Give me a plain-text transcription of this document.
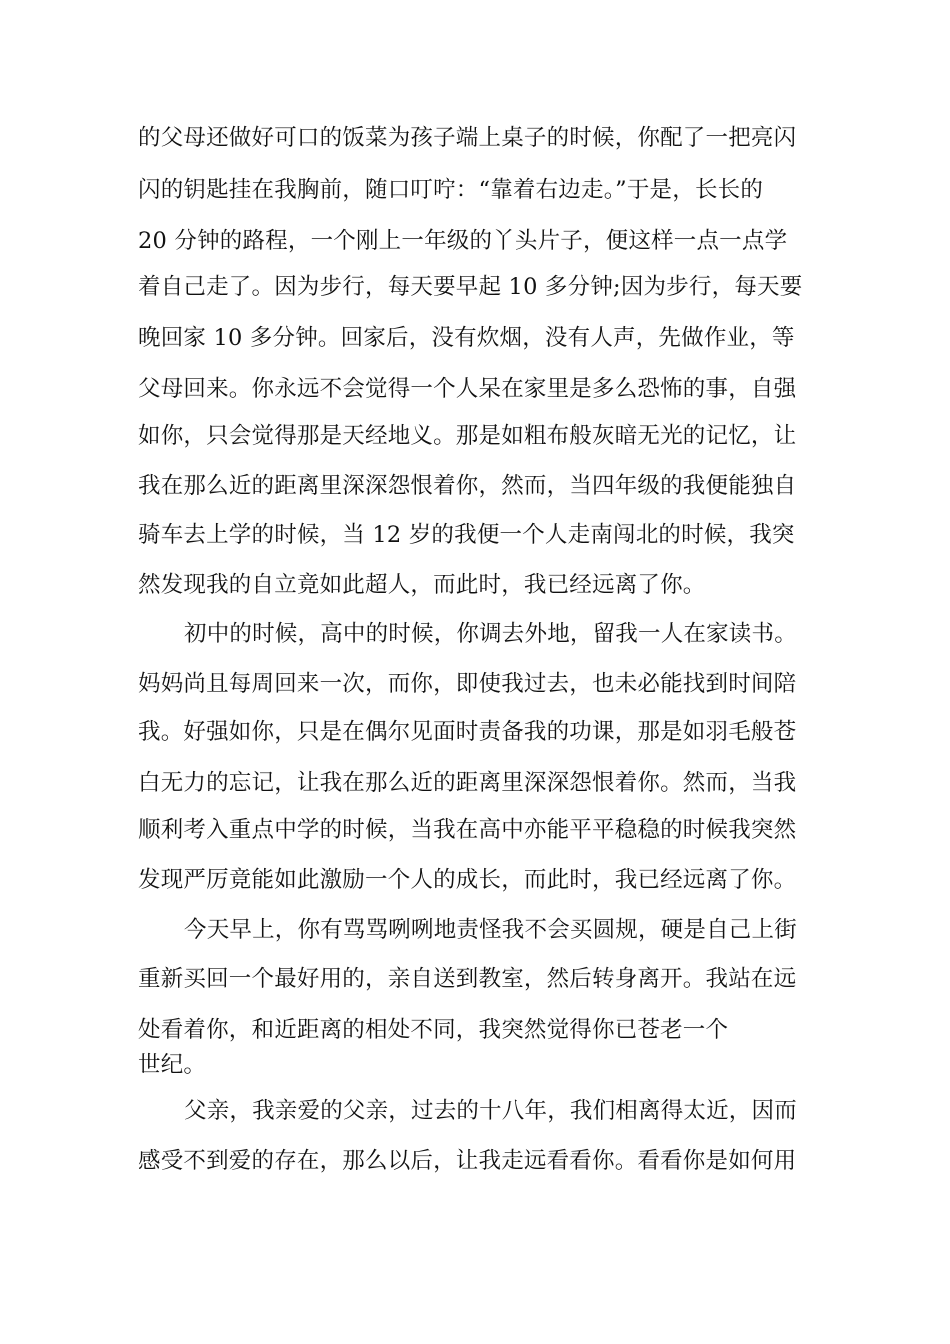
的父母还做好可口的饭菜为孩子端上桌子的时候，你配了一把亮闪
闪的钥匙挂在我胸前，随口叮咛：“靠着右边走。”于是，长长的
20 分钟的路程，一个刚上一年级的丫头片子，便这样一点一点学
着自己走了。因为步行，每天要早起 10 多分钟;因为步行，每天要
晚回家 10 多分钟。回家后，没有炊烟，没有人声，先做作业，等
父母回来。你永远不会觉得一个人呆在家里是多么恐怖的事，自强
如你，只会觉得那是天经地义。那是如粗布般灰暗无光的记忆，让
我在那么近的距离里深深怨恨着你，然而，当四年级的我便能独自
骑车去上学的时候，当 12 岁的我便一个人走南闯北的时候，我突
然发现我的自立竟如此超人，而此时，我已经远离了你。
初中的时候，高中的时候，你调去外地，留我一人在家读书。
妈妈尚且每周回来一次，而你，即使我过去，也未必能找到时间陪
我。好强如你，只是在偶尔见面时责备我的功课，那是如羽毛般苍
白无力的忘记，让我在那么近的距离里深深怨恨着你。然而，当我
顺利考入重点中学的时候，当我在高中亦能平平稳稳的时候我突然
发现严厉竟能如此激励一个人的成长，而此时，我已经远离了你。
今天早上，你有骂骂咧咧地责怪我不会买圆规，硬是自己上街
重新买回一个最好用的，亲自送到教室，然后转身离开。我站在远
处看着你，和近距离的相处不同，我突然觉得你已苍老一个
世纪。
父亲，我亲爱的父亲，过去的十八年，我们相离得太近，因而
感受不到爱的存在，那么以后，让我走远看看你。看看你是如何用
